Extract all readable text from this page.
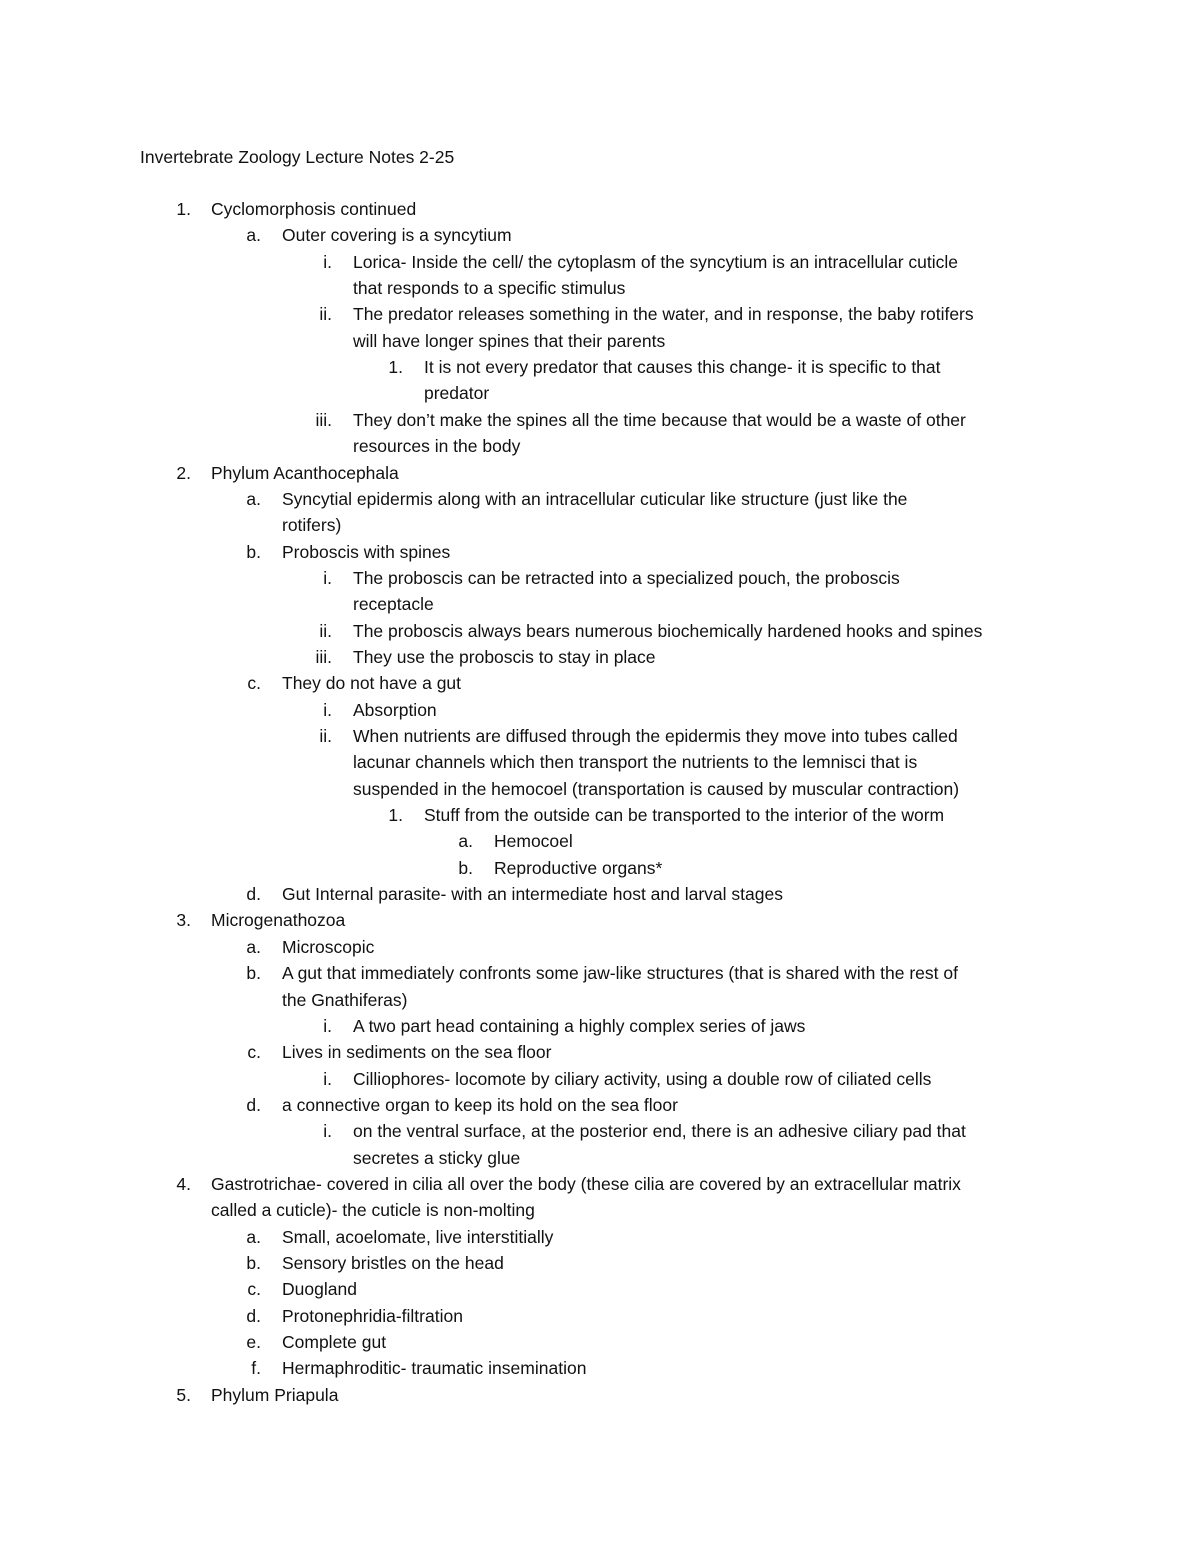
Invertebrate Zoology Lecture Notes 2-25
1. Cyclomorphosis continued
a. Outer covering is a syncytium
i. Lorica- Inside the cell/ the cytoplasm of the syncytium is an intracellular cuticle
that responds to a specific stimulus
ii. The predator releases something in the water, and in response, the baby rotifers
will have longer spines that their parents
1. It is not every predator that causes this change- it is specific to that
predator
iii. They don’t make the spines all the time because that would be a waste of other
resources in the body
2. Phylum Acanthocephala
a. Syncytial epidermis along with an intracellular cuticular like structure (just like the
rotifers)
b. Proboscis with spines
i. The proboscis can be retracted into a specialized pouch, the proboscis
receptacle
ii. The proboscis always bears numerous biochemically hardened hooks and spines
iii. They use the proboscis to stay in place
c. They do not have a gut
i. Absorption
ii. When nutrients are diffused through the epidermis they move into tubes called
lacunar channels which then transport the nutrients to the lemnisci that is
suspended in the hemocoel (transportation is caused by muscular contraction)
1. Stuff from the outside can be transported to the interior of the worm
a. Hemocoel
b. Reproductive organs*
d. Gut Internal parasite- with an intermediate host and larval stages
3. Microgenathozoa
a. Microscopic
b. A gut that immediately confronts some jaw-like structures (that is shared with the rest of
the Gnathiferas)
i. A two part head containing a highly complex series of jaws
c. Lives in sediments on the sea floor
i. Cilliophores- locomote by ciliary activity, using a double row of ciliated cells
d. a connective organ to keep its hold on the sea floor
i. on the ventral surface, at the posterior end, there is an adhesive ciliary pad that
secretes a sticky glue
4. Gastrotrichae- covered in cilia all over the body (these cilia are covered by an extracellular matrix
called a cuticle)- the cuticle is non-molting
a. Small, acoelomate, live interstitially
b. Sensory bristles on the head
c. Duogland
d. Protonephridia-filtration
e. Complete gut
f. Hermaphroditic- traumatic insemination
5. Phylum Priapula
